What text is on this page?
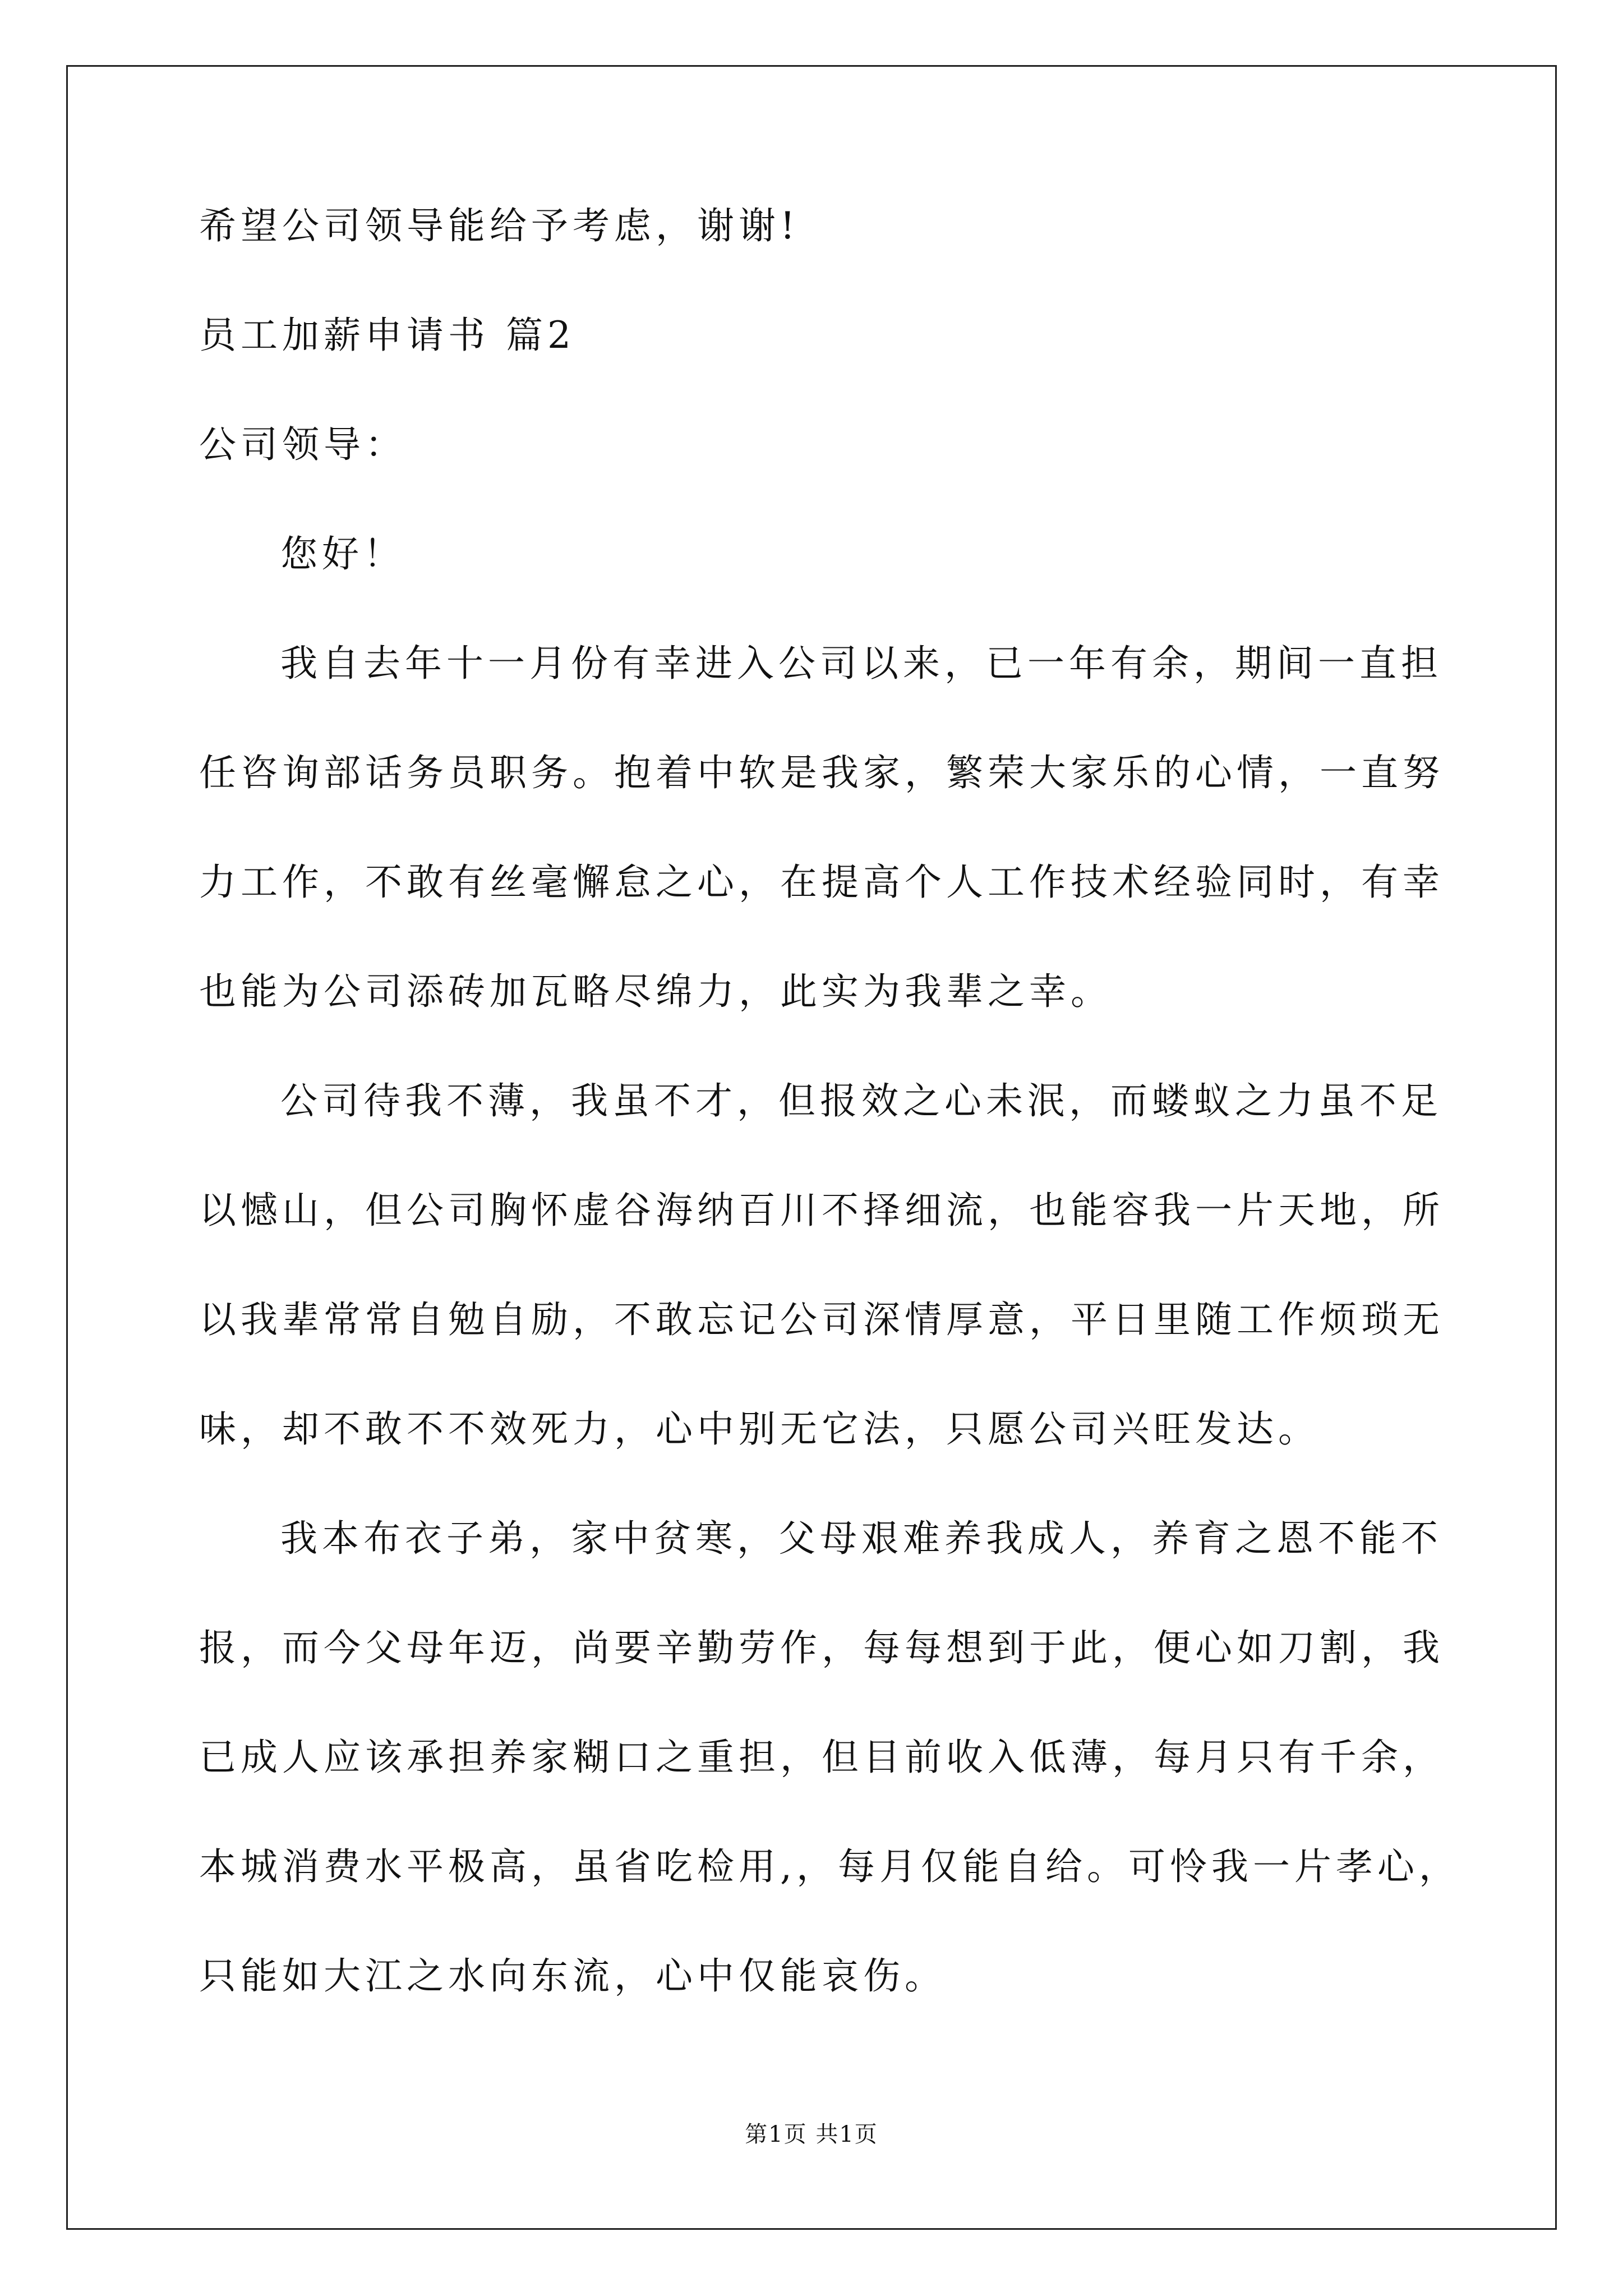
希望公司领导能给予考虑，谢谢!
员工加薪申请书 篇2
公司领导：
您好！
我自去年十一月份有幸进入公司以来，已一年有余，期间一直担
任咨询部话务员职务。抱着中软是我家，繁荣大家乐的心情，一直努
力工作，不敢有丝毫懈怠之心，在提高个人工作技术经验同时，有幸
也能为公司添砖加瓦略尽绵力，此实为我辈之幸。
公司待我不薄，我虽不才，但报效之心未泯，而蝼蚁之力虽不足
以憾山，但公司胸怀虚谷海纳百川不择细流，也能容我一片天地，所
以我辈常常自勉自励，不敢忘记公司深情厚意，平日里随工作烦琐无
味，却不敢不不效死力，心中别无它法，只愿公司兴旺发达。
我本布衣子弟，家中贫寒，父母艰难养我成人，养育之恩不能不
报，而今父母年迈，尚要辛勤劳作，每每想到于此，便心如刀割，我
已成人应该承担养家糊口之重担，但目前收入低薄，每月只有千余，
本城消费水平极高，虽省吃检用,，每月仅能自给。可怜我一片孝心，
只能如大江之水向东流，心中仅能哀伤。
第1页 共1页
